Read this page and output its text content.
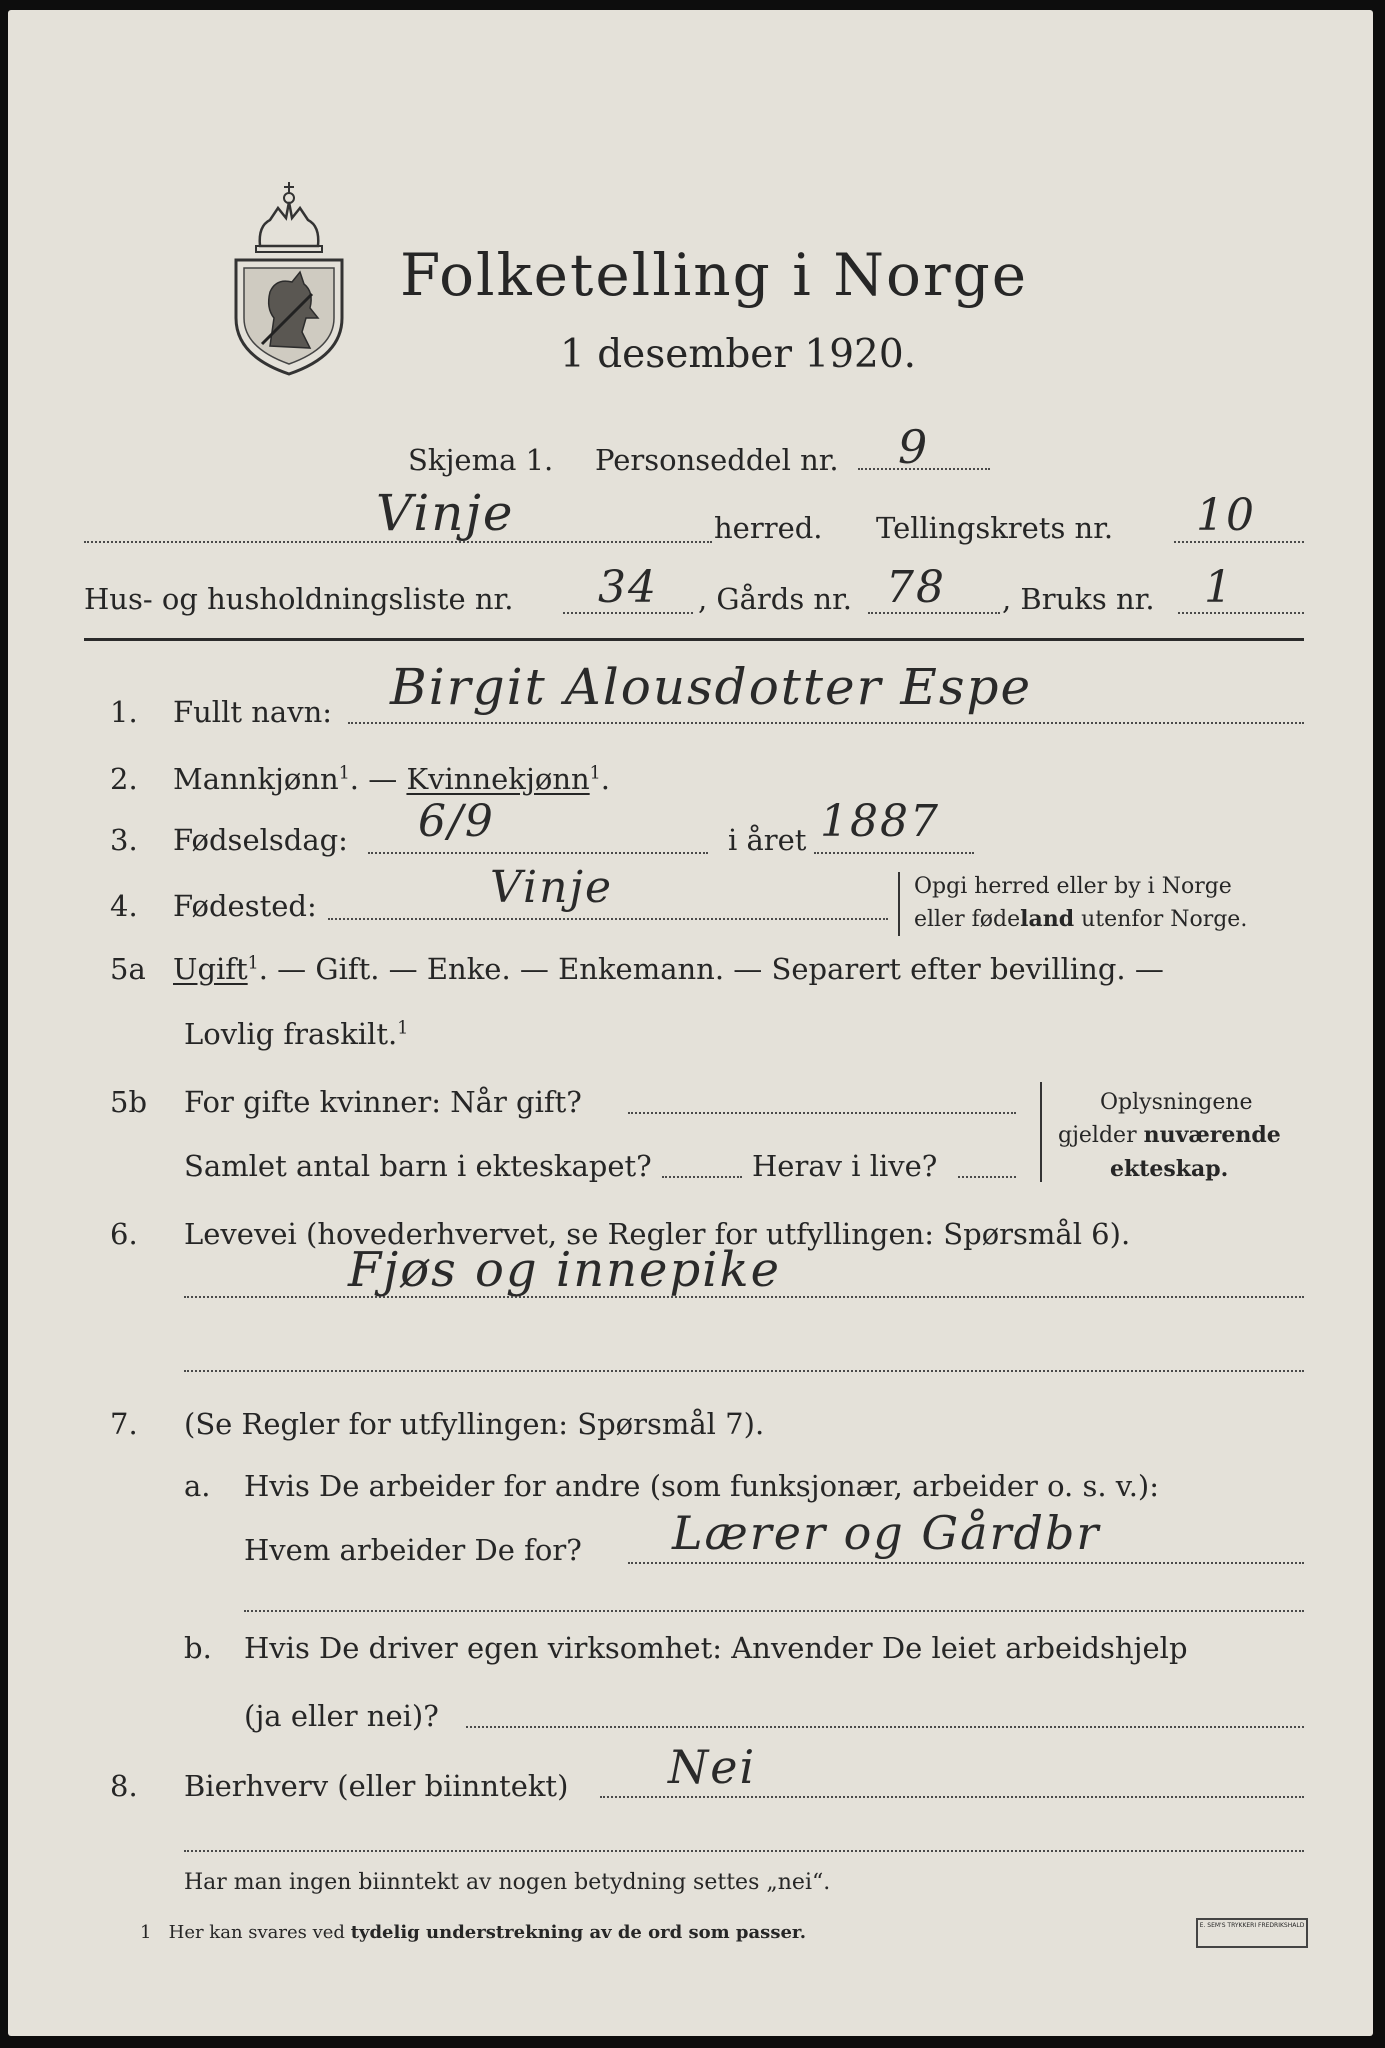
Folketelling i Norge
1 desember 1920.
Skjema 1. Personseddel nr. 9
Vinje	herred. Tellingskrets nr. 10
Hus- og husholdningsliste nr. 34 , Gårds nr. 78 , Bruks nr. 1
1. Fullt navn: Birgit Alousdotter Espe
2. Mannkjønn$^1$. — Kvinnekjønn$^1$.
3. Fødselsdag: 6/9	i året 1887
4. Fødested:	Vinje	Opgi herred eller by i Norge
eller fødeland utenfor Norge.
5a Ugift$^1$. — Gift. — Enke. — Enkemann. — Separert efter bevilling. —
Lovlig fraskilt.$^1$
5b For gifte kvinner: Når gift?
Samlet antal barn i ekteskapet?	Herav i live?
Oplysningene
gjelder nuværende
ekteskap.
6. Levevei (hovederhvervet, se Regler for utfyllingen: Spørsmål 6).
Fjøs og innepike
7. (Se Regler for utfyllingen: Spørsmål 7).
a. Hvis De arbeider for andre (som funksjonær, arbeider o. s. v.):
Hvem arbeider De for? Lærer og Gårdbr
b. Hvis De driver egen virksomhet: Anvender De leiet arbeidshjelp
(ja eller nei)?
8. Bierhverv (eller biinntekt) Nei
Har man ingen biinntekt av nogen betydning settes „nei“.
1 Her kan svares ved tydelig understrekning av de ord som passer.	E. SEM'S TRYKKERI FREDRIKSHALD
